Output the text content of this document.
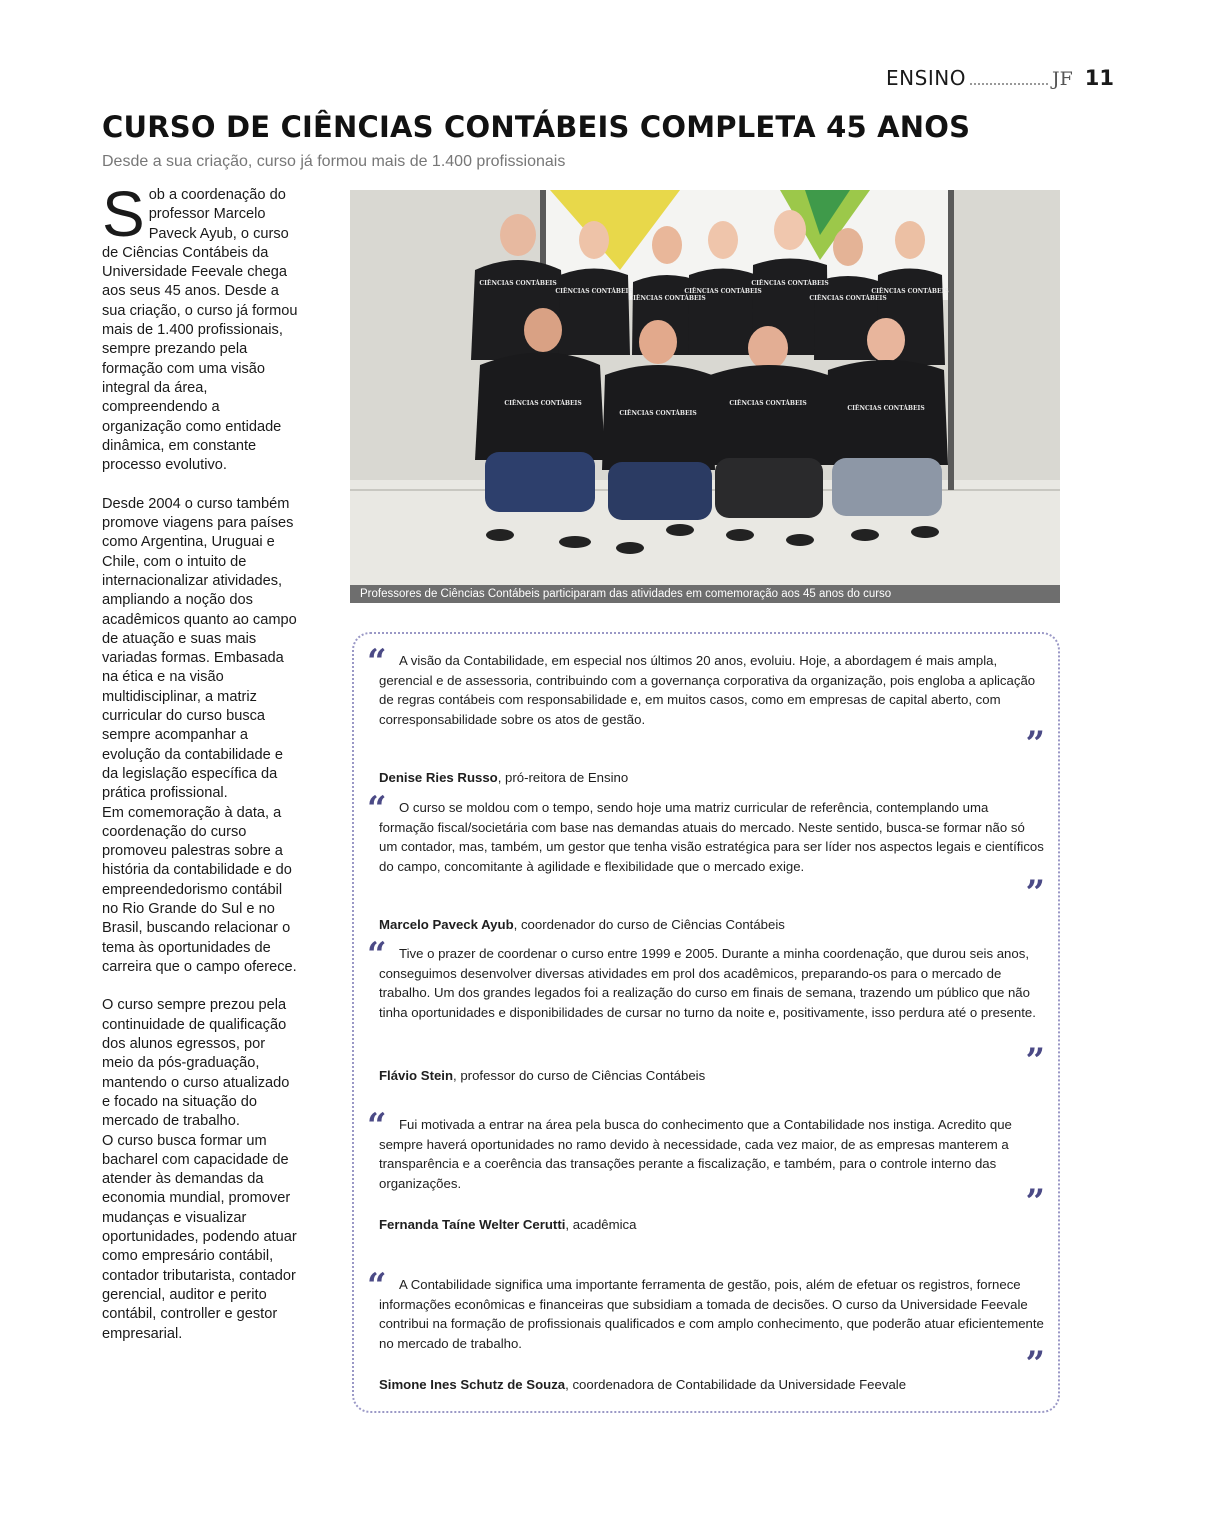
ENSINO	JF 11
CURSO DE CIÊNCIAS CONTÁBEIS COMPLETA 45 ANOS

Desde a sua criação, curso já formou mais de 1.400 profissionais

Sob a coordenação do professor Marcelo Paveck Ayub, o curso de Ciências Contábeis da Universidade Feevale chega aos seus 45 anos. Desde a sua criação, o curso já formou mais de 1.400 profissionais, sempre prezando pela formação com uma visão integral da área, compreendendo a organização como entidade dinâmica, em constante processo evolutivo.

Desde 2004 o curso também promove viagens para países como Argentina, Uruguai e Chile, com o intuito de internacionalizar atividades, ampliando a noção dos acadêmicos quanto ao campo de atuação e suas mais variadas formas. Embasada na ética e na visão multidisciplinar, a matriz curricular do curso busca sempre acompanhar a evolução da contabilidade e da legislação específica da prática profissional.

Em comemoração à data, a coordenação do curso promoveu palestras sobre a história da contabilidade e do empreendedorismo contábil no Rio Grande do Sul e no Brasil, buscando relacionar o tema às oportunidades de carreira que o campo oferece.

O curso sempre prezou pela continuidade de qualificação dos alunos egressos, por meio da pós-graduação, mantendo o curso atualizado e focado na situação do mercado de trabalho.

O curso busca formar um bacharel com capacidade de atender às demandas da economia mundial, promover mudanças e visualizar oportunidades, podendo atuar como empresário contábil, contador tributarista, contador gerencial, auditor e perito contábil, controller e gestor empresarial.

CIÊNCIAS CONTÁBEIS
CIÊNCIAS CONTÁBEIS
CIÊNCIAS CONTÁBEIS
CIÊNCIAS CONTÁBEIS
CIÊNCIAS CONTÁBEIS
CIÊNCIAS CONTÁBEIS
CIÊNCIAS CONTÁBEIS
CIÊNCIAS CONTÁBEIS
CIÊNCIAS CONTÁBEIS
CIÊNCIAS CONTÁBEIS
CIÊNCIAS CONTÁBEIS
Professores de Ciências Contábeis participaram das atividades em comemoração aos 45 anos do curso
“ A visão da Contabilidade, em especial nos últimos 20 anos, evoluiu. Hoje, a abordagem é mais ampla, gerencial e de assessoria, contribuindo com a governança corporativa da organização, pois engloba a aplicação de regras contábeis com responsabilidade e, em muitos casos, como em empresas de capital aberto, com corresponsabilidade sobre os atos de gestão.

”

Denise Ries Russo, pró-reitora de Ensino

“ O curso se moldou com o tempo, sendo hoje uma matriz curricular de referência, contemplando uma formação fiscal/societária com base nas demandas atuais do mercado. Neste sentido, busca-se formar não só um contador, mas, também, um gestor que tenha visão estratégica para ser líder nos aspectos legais e científicos do campo, concomitante à agilidade e flexibilidade que o mercado exige.

”

Marcelo Paveck Ayub, coordenador do curso de Ciências Contábeis

“ Tive o prazer de coordenar o curso entre 1999 e 2005. Durante a minha coordenação, que durou seis anos, conseguimos desenvolver diversas atividades em prol dos acadêmicos, preparando-os para o mercado de trabalho. Um dos grandes legados foi a realização do curso em finais de semana, trazendo um público que não tinha oportunidades e disponibilidades de cursar no turno da noite e, positivamente, isso perdura até o presente.

”

Flávio Stein, professor do curso de Ciências Contábeis

“ Fui motivada a entrar na área pela busca do conhecimento que a Contabilidade nos instiga. Acredito que sempre haverá oportunidades no ramo devido à necessidade, cada vez maior, de as empresas manterem a transparência e a coerência das transações perante a fiscalização, e também, para o controle interno das organizações.	”

Fernanda Taíne Welter Cerutti, acadêmica

“ A Contabilidade significa uma importante ferramenta de gestão, pois, além de efetuar os registros, fornece informações econômicas e financeiras que subsidiam a tomada de decisões. O curso da Universidade Feevale contribui na formação de profissionais qualificados e com amplo conhecimento, que poderão atuar eficientemente no mercado de trabalho.

”

Simone Ines Schutz de Souza, coordenadora de Contabilidade da Universidade Feevale
